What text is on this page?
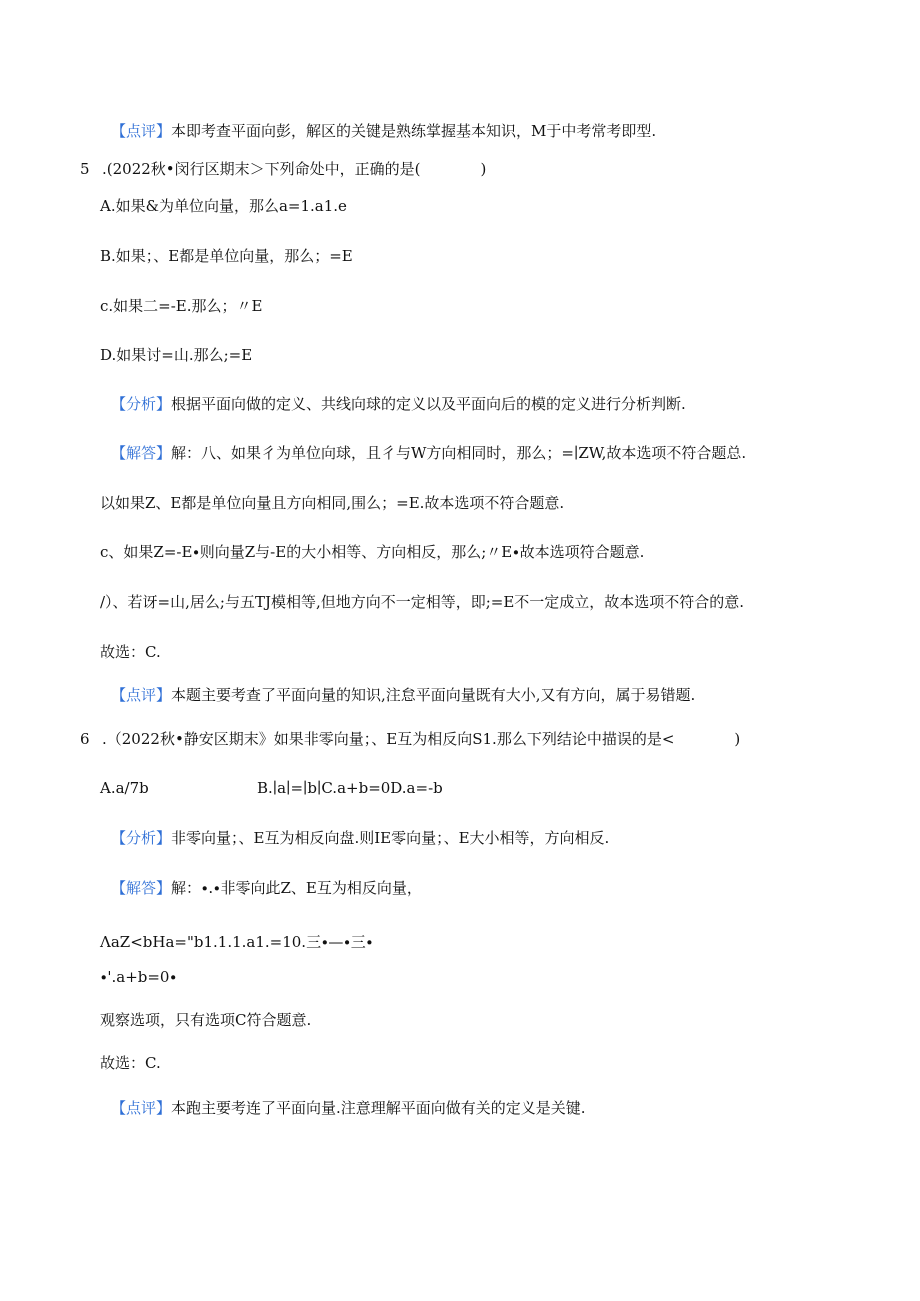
【点评】本即考查平面向彭，解区的关键是熟练掌握基本知识，M于中考常考即型.
5 .(2022秋•闵行区期末＞下列命处中，正确的是(　　　　)
A.如果&为单位向量，那么a=1.a1.e
B.如果；、E都是单位向量，那么；=E
c.如果二=-E.那么；〃E
D.如果讨=山.那么;=E
【分析】根据平面向做的定义、共线向球的定义以及平面向后的模的定义进行分析判断.
【解答】解：八、如果彳为单位向球，且彳与W方向相同时，那么；=∣ZW,故本选项不符合题总.
以如果Z、E都是单位向量且方向相同,围么；=E.故本选项不符合题意.
c、如果Z=-E∙则向量Z与-E的大小相等、方向相反，那么;〃E∙故本选项符合题意.
/）、若讶=山,居么;与五TJ模相等,但地方向不一定相等，即;=E不一定成立，故本选项不符合的意.
故选：C.
【点评】本题主要考查了平面向量的知识,注怠平面向量既有大小,又有方向，属于易错题.
6 .（2022秋•静安区期末》如果非零向量；、E互为相反向S1.那么下列结论中描误的是<　　　　)
A.a/7b	B.∣a∣=∣b∣C.a+b=0D.a=-b
【分析】非零向量；、E互为相反向盘.则IE零向量；、E大小相等，方向相反.
【解答】解：∙.∙非零向此Z、E互为相反向量，
ΛaZ<bHa="b1.1.1.a1.=10.三∙—∙三∙
∙'.a+b=0∙
观察选项，只有选项C符合题意.
故选：C.
【点评】本跑主要考连了平面向量.注意理解平面向做有关的定义是关键.
